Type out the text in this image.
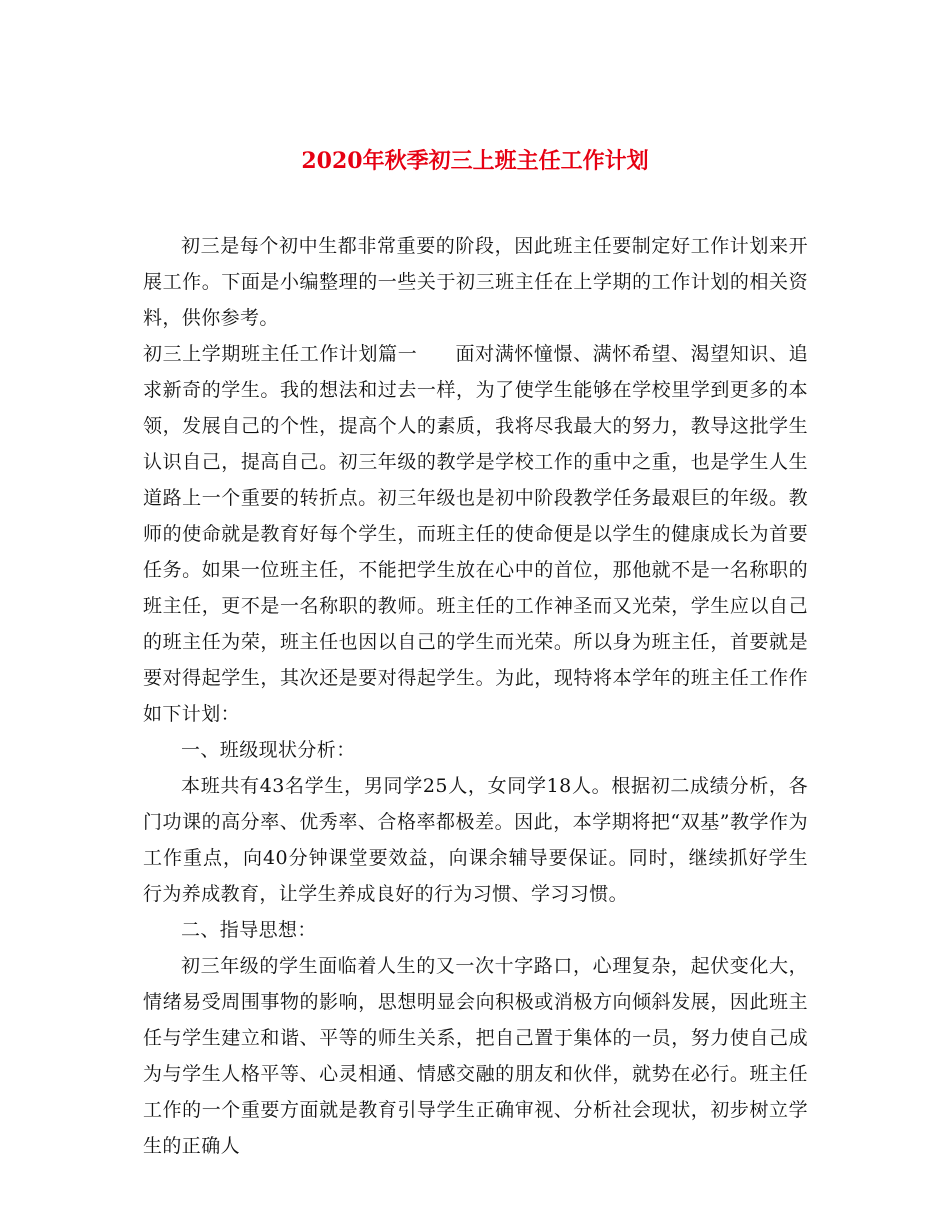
2020年秋季初三上班主任工作计划

初三是每个初中生都非常重要的阶段，因此班主任要制定好工作计划来开展工作。下面是小编整理的一些关于初三班主任在上学期的工作计划的相关资料，供你参考。

初三上学期班主任工作计划篇一 面对满怀憧憬、满怀希望、渴望知识、追求新奇的学生。我的想法和过去一样，为了使学生能够在学校里学到更多的本领，发展自己的个性，提高个人的素质，我将尽我最大的努力，教导这批学生认识自己，提高自己。初三年级的教学是学校工作的重中之重，也是学生人生道路上一个重要的转折点。初三年级也是初中阶段教学任务最艰巨的年级。教师的使命就是教育好每个学生，而班主任的使命便是以学生的健康成长为首要任务。如果一位班主任，不能把学生放在心中的首位，那他就不是一名称职的班主任，更不是一名称职的教师。班主任的工作神圣而又光荣，学生应以自己的班主任为荣，班主任也因以自己的学生而光荣。所以身为班主任，首要就是要对得起学生，其次还是要对得起学生。为此，现特将本学年的班主任工作作如下计划：

一、班级现状分析：

本班共有43名学生，男同学25人，女同学18人。根据初二成绩分析，各门功课的高分率、优秀率、合格率都极差。因此，本学期将把“双基”教学作为工作重点，向40分钟课堂要效益，向课余辅导要保证。同时，继续抓好学生行为养成教育，让学生养成良好的行为习惯、学习习惯。

二、指导思想：

初三年级的学生面临着人生的又一次十字路口，心理复杂，起伏变化大，情绪易受周围事物的影响，思想明显会向积极或消极方向倾斜发展，因此班主任与学生建立和谐、平等的师生关系，把自己置于集体的一员，努力使自己成为与学生人格平等、心灵相通、情感交融的朋友和伙伴，就势在必行。班主任工作的一个重要方面就是教育引导学生正确审视、分析社会现状，初步树立学生的正确人
